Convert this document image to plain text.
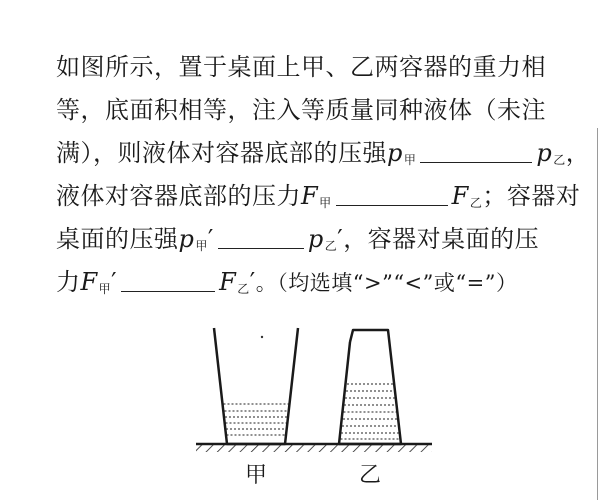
如图所示，置于桌面上甲、乙两容器的重力相
等，底面积相等，注入等质量同种液体（未注
满），则液体对容器底部的压强$p_甲$	$p_乙$，
液体对容器底部的压力$F_甲$	$F_乙$；容器对
桌面的压强$p_甲'$	$p_乙'$，容器对桌面的压
力$F_甲'$	$F_乙'$。（均选填“>”“<”或“=”）
甲	乙
